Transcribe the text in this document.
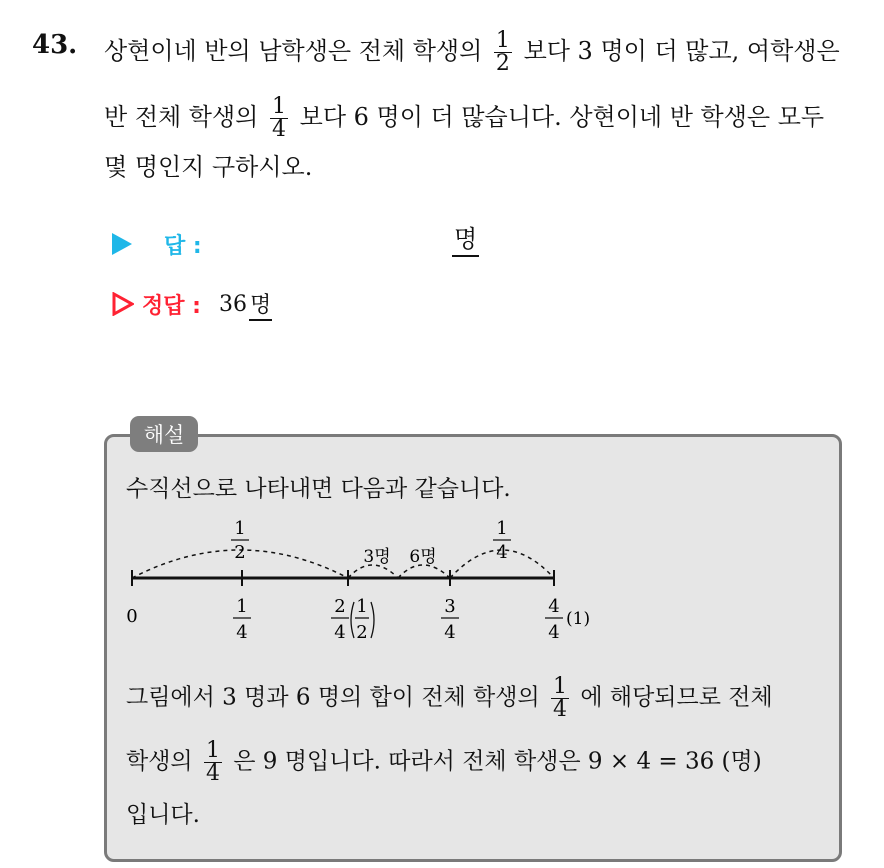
43. 상현이네 반의 남학생은 전체 학생의 $\frac{1}{2}$ 보다 3 명이 더 많고, 여학생은
반 전체 학생의 $\frac{1}{4}$ 보다 6 명이 더 많습니다. 상현이네 반 학생은 모두
몇 명인지 구하시오.
답 :	명
정답 : 36 명
해설
수직선으로 나타내면 다음과 같습니다.
1
2
1
4
3명 6명
0	1
4
2
4
1
2
3
4
4
4
(1)
그림에서 3 명과 6 명의 합이 전체 학생의 $\frac{1}{4}$ 에 해당되므로 전체
학생의 $\frac{1}{4}$ 은 9 명입니다. 따라서 전체 학생은 9 × 4 = 36 (명)
입니다.
